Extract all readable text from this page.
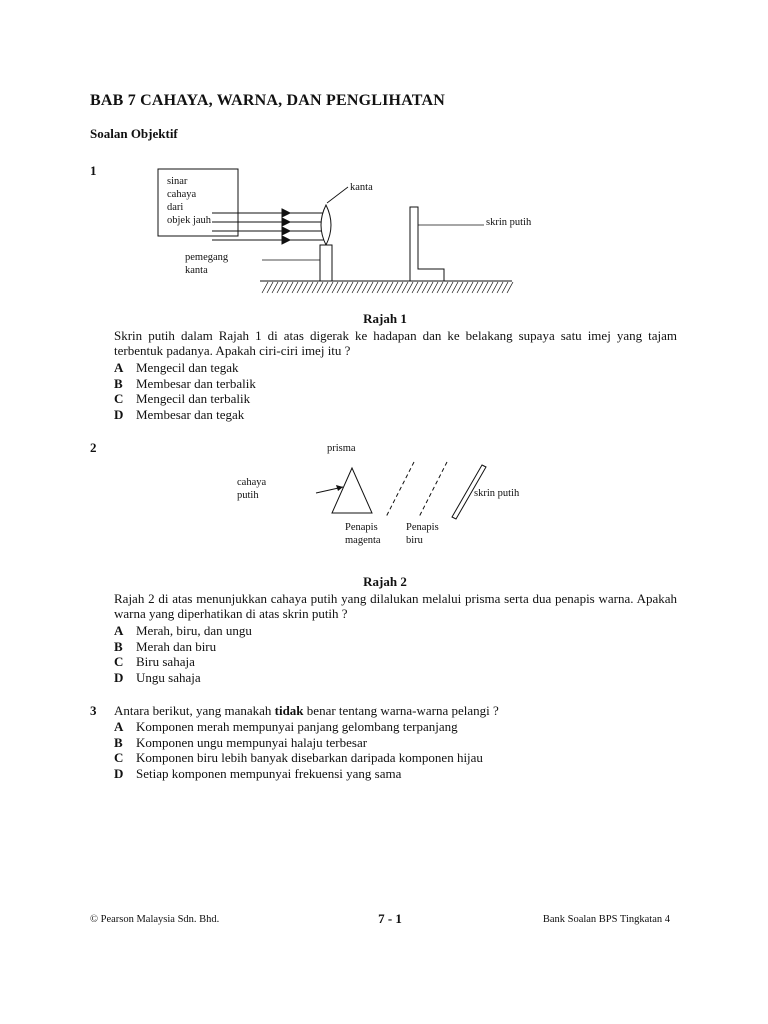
BAB 7 CAHAYA, WARNA, DAN PENGLIHATAN
Soalan Objektif
1
sinar
cahaya
dari
objek jauh
kanta
skrin putih
pemegang
kanta
Rajah 1
Skrin putih dalam Rajah 1 di atas digerak ke hadapan dan ke belakang supaya satu imej yang tajam terbentuk padanya. Apakah ciri-ciri imej itu ?
A Mengecil dan tegak
B Membesar dan terbalik
C Mengecil dan terbalik
D Membesar dan tegak
2	prisma
cahaya
putih	skrin putih
Penapis
magenta
Penapis
biru
Rajah 2
Rajah 2 di atas menunjukkan cahaya putih yang dilalukan melalui prisma serta dua penapis warna. Apakah warna yang diperhatikan di atas skrin putih ?
A Merah, biru, dan ungu
B Merah dan biru
C Biru sahaja
D Ungu sahaja
3 Antara berikut, yang manakah tidak benar tentang warna-warna pelangi ?
A Komponen merah mempunyai panjang gelombang terpanjang
B Komponen ungu mempunyai halaju terbesar
C Komponen biru lebih banyak disebarkan daripada komponen hijau
D Setiap komponen mempunyai frekuensi yang sama
© Pearson Malaysia Sdn. Bhd.	7 - 1	Bank Soalan BPS Tingkatan 4
